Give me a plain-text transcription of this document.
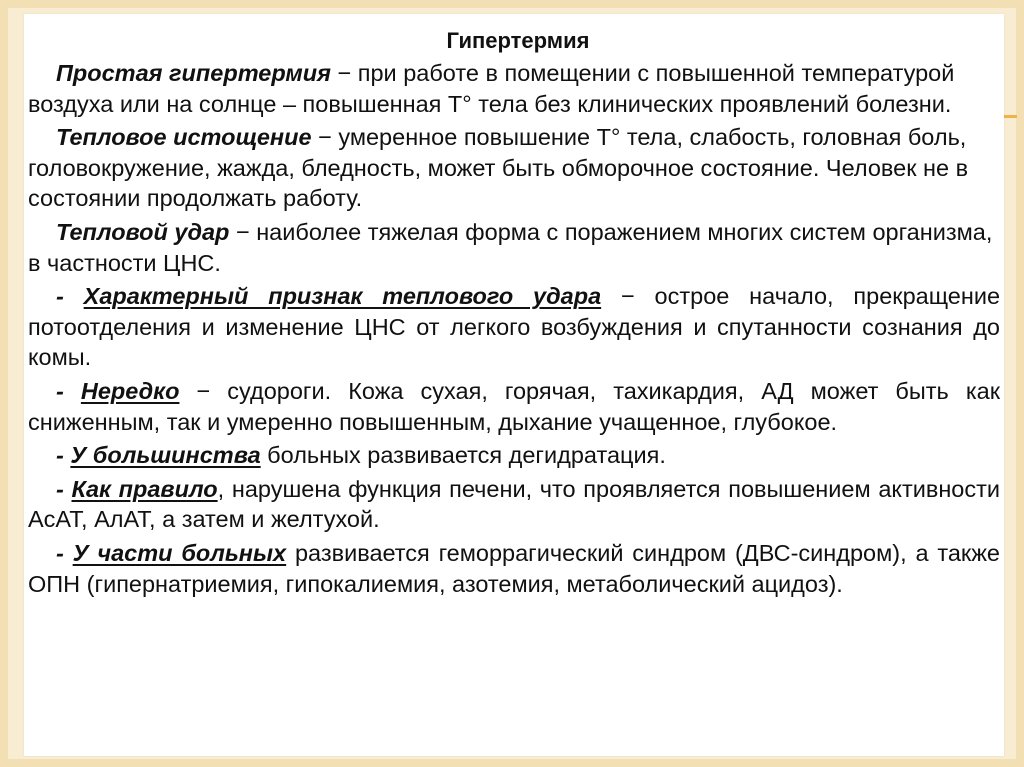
Гипертермия

Простая гипертермия − при работе в помещении с повышенной температурой воздуха или на солнце – повышенная Т° тела без клинических проявлений болезни.

Тепловое истощение − умеренное повышение Т° тела, слабость, головная боль, головокружение, жажда, бледность, может быть обморочное состояние. Человек не в состоянии продолжать работу.

Тепловой удар − наиболее тяжелая форма с поражением многих систем организма, в частности ЦНС.

- Характерный признак теплового удара − острое начало, прекращение потоотделения и изменение ЦНС от легкого возбуждения и спутанности сознания до комы.

- Нередко − судороги. Кожа сухая, горячая, тахикардия, АД может быть как сниженным, так и умеренно повышенным, дыхание учащенное, глубокое.

- У большинства больных развивается дегидратация.

- Как правило, нарушена функция печени, что проявляется повышением активности АсАТ, АлАТ, а затем и желтухой.

- У части больных развивается геморрагический синдром (ДВС-синдром), а также ОПН (гипернатриемия, гипокалиемия, азотемия, метаболический ацидоз).
